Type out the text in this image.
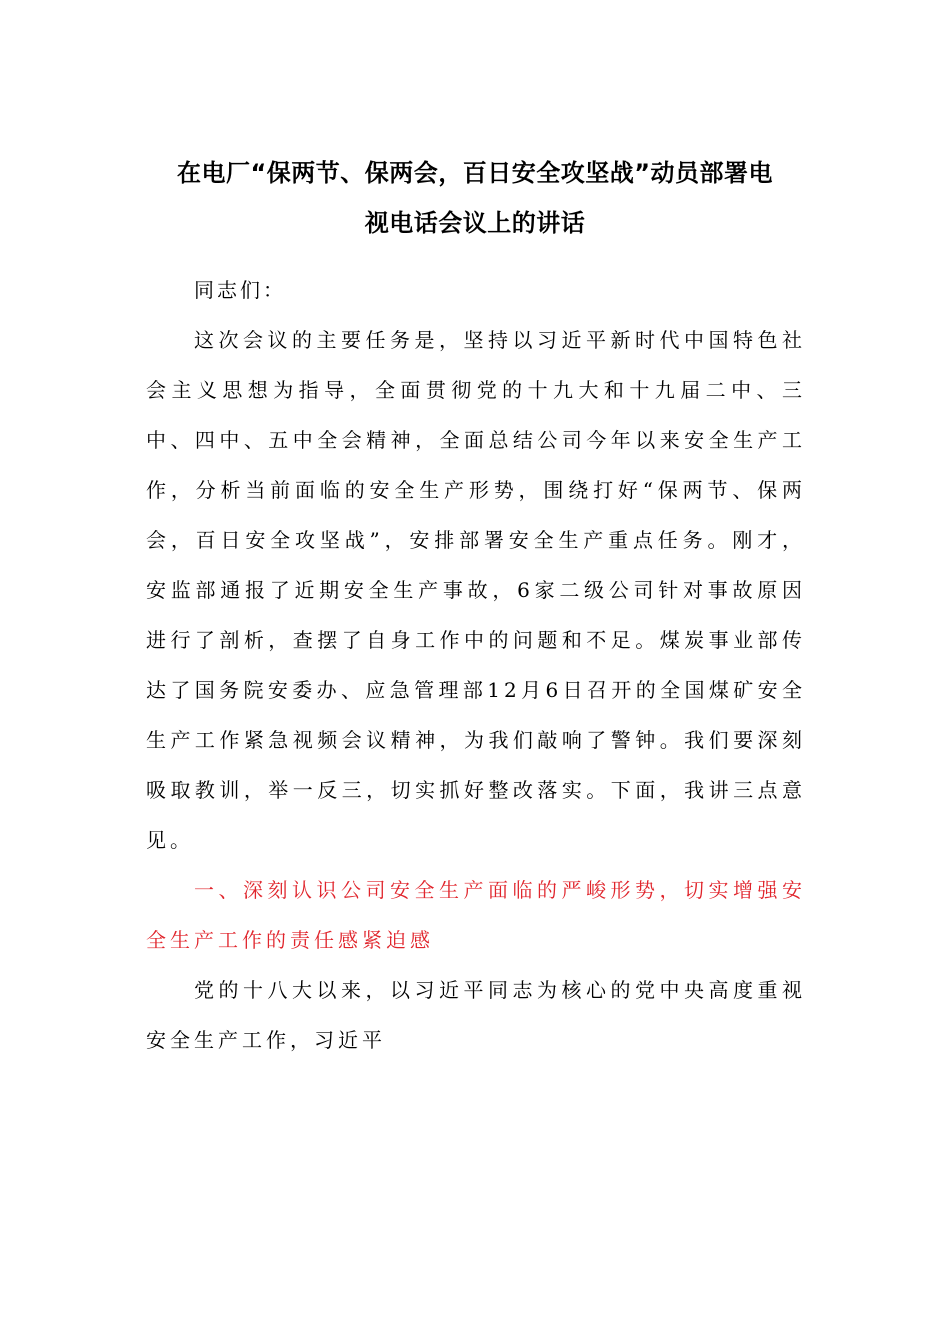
在电厂“保两节、保两会，百日安全攻坚战”动员部署电
视电话会议上的讲话

同志们：

这次会议的主要任务是，坚持以习近平新时代中国特色社会主义思想为指导，全面贯彻党的十九大和十九届二中、三中、四中、五中全会精神，全面总结公司今年以来安全生产工作，分析当前面临的安全生产形势，围绕打好“保两节、保两会，百日安全攻坚战”，安排部署安全生产重点任务。刚才，安监部通报了近期安全生产事故，6家二级公司针对事故原因进行了剖析，查摆了自身工作中的问题和不足。煤炭事业部传达了国务院安委办、应急管理部12月6日召开的全国煤矿安全生产工作紧急视频会议精神，为我们敲响了警钟。我们要深刻吸取教训，举一反三，切实抓好整改落实。下面，我讲三点意见。

一、深刻认识公司安全生产面临的严峻形势，切实增强安全生产工作的责任感紧迫感

党的十八大以来，以习近平同志为核心的党中央高度重视安全生产工作，习近平
